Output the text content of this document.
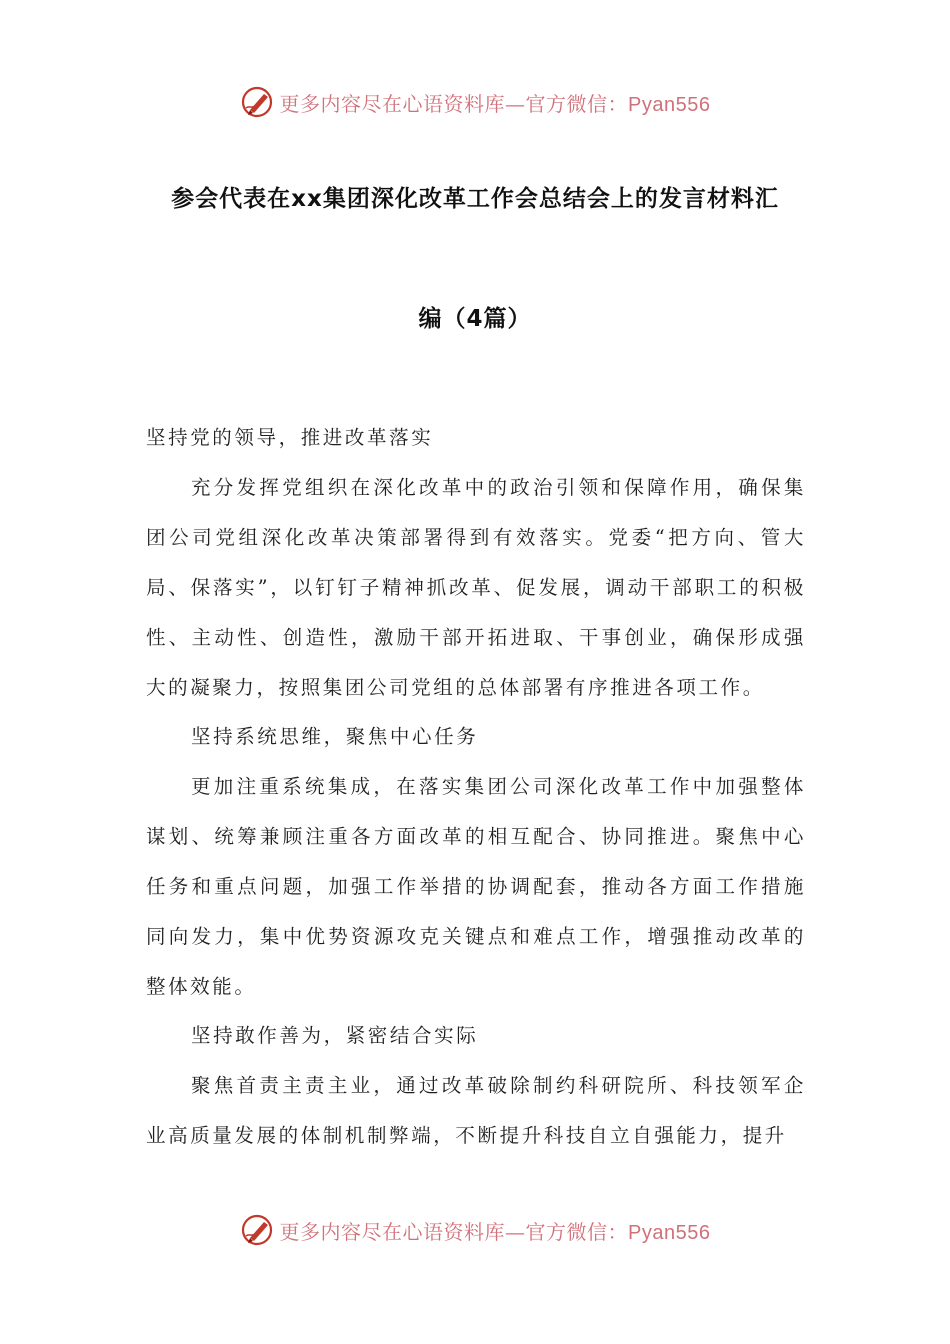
更多内容尽在心语资料库—官方微信：Pyan556
参会代表在xx集团深化改革工作会总结会上的发言材料汇
编（4篇）
坚持党的领导，推进改革落实
充分发挥党组织在深化改革中的政治引领和保障作用，确保集团公司党组深化改革决策部署得到有效落实。党委“把方向、管大局、保落实”，以钉钉子精神抓改革、促发展，调动干部职工的积极性、主动性、创造性，激励干部开拓进取、干事创业，确保形成强大的凝聚力，按照集团公司党组的总体部署有序推进各项工作。
坚持系统思维，聚焦中心任务
更加注重系统集成，在落实集团公司深化改革工作中加强整体谋划、统筹兼顾注重各方面改革的相互配合、协同推进。聚焦中心任务和重点问题，加强工作举措的协调配套，推动各方面工作措施同向发力，集中优势资源攻克关键点和难点工作，增强推动改革的整体效能。
坚持敢作善为，紧密结合实际
聚焦首责主责主业，通过改革破除制约科研院所、科技领军企业高质量发展的体制机制弊端，不断提升科技自立自强能力，提升
更多内容尽在心语资料库—官方微信：Pyan556
